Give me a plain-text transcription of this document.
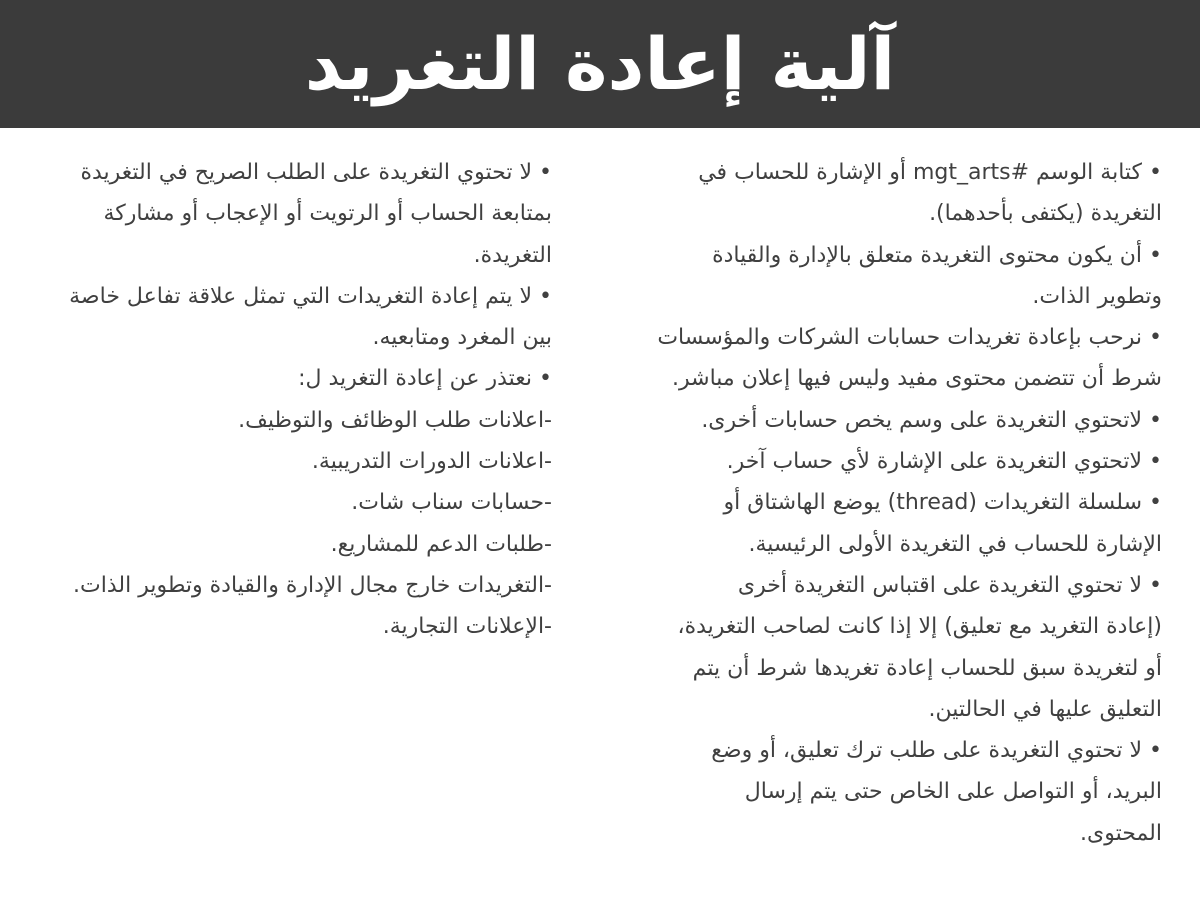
آلية إعادة التغريد
• كتابة الوسم #mgt_arts أو الإشارة للحساب في
التغريدة (يكتفى بأحدهما).
• أن يكون محتوى التغريدة متعلق بالإدارة والقيادة
وتطوير الذات.
• نرحب بإعادة تغريدات حسابات الشركات والمؤسسات
شرط أن تتضمن محتوى مفيد وليس فيها إعلان مباشر.
• لاتحتوي التغريدة على وسم يخص حسابات أخرى.
• لاتحتوي التغريدة على الإشارة لأي حساب آخر.
• سلسلة التغريدات (thread) يوضع الهاشتاق أو
الإشارة للحساب في التغريدة الأولى الرئيسية.
• لا تحتوي التغريدة على اقتباس التغريدة أخرى
(إعادة التغريد مع تعليق) إلا إذا كانت لصاحب التغريدة،
أو لتغريدة سبق للحساب إعادة تغريدها شرط أن يتم
التعليق عليها في الحالتين.
• لا تحتوي التغريدة على طلب ترك تعليق، أو وضع
البريد، أو التواصل على الخاص حتى يتم إرسال
المحتوى.
• لا تحتوي التغريدة على الطلب الصريح في التغريدة
بمتابعة الحساب أو الرتويت أو الإعجاب أو مشاركة
التغريدة.
• لا يتم إعادة التغريدات التي تمثل علاقة تفاعل خاصة
بين المغرد ومتابعيه.
• نعتذر عن إعادة التغريد ل:
-اعلانات طلب الوظائف والتوظيف.
-اعلانات الدورات التدريبية.
-حسابات سناب شات.
-طلبات الدعم للمشاريع.
-التغريدات خارج مجال الإدارة والقيادة وتطوير الذات.
-الإعلانات التجارية.
